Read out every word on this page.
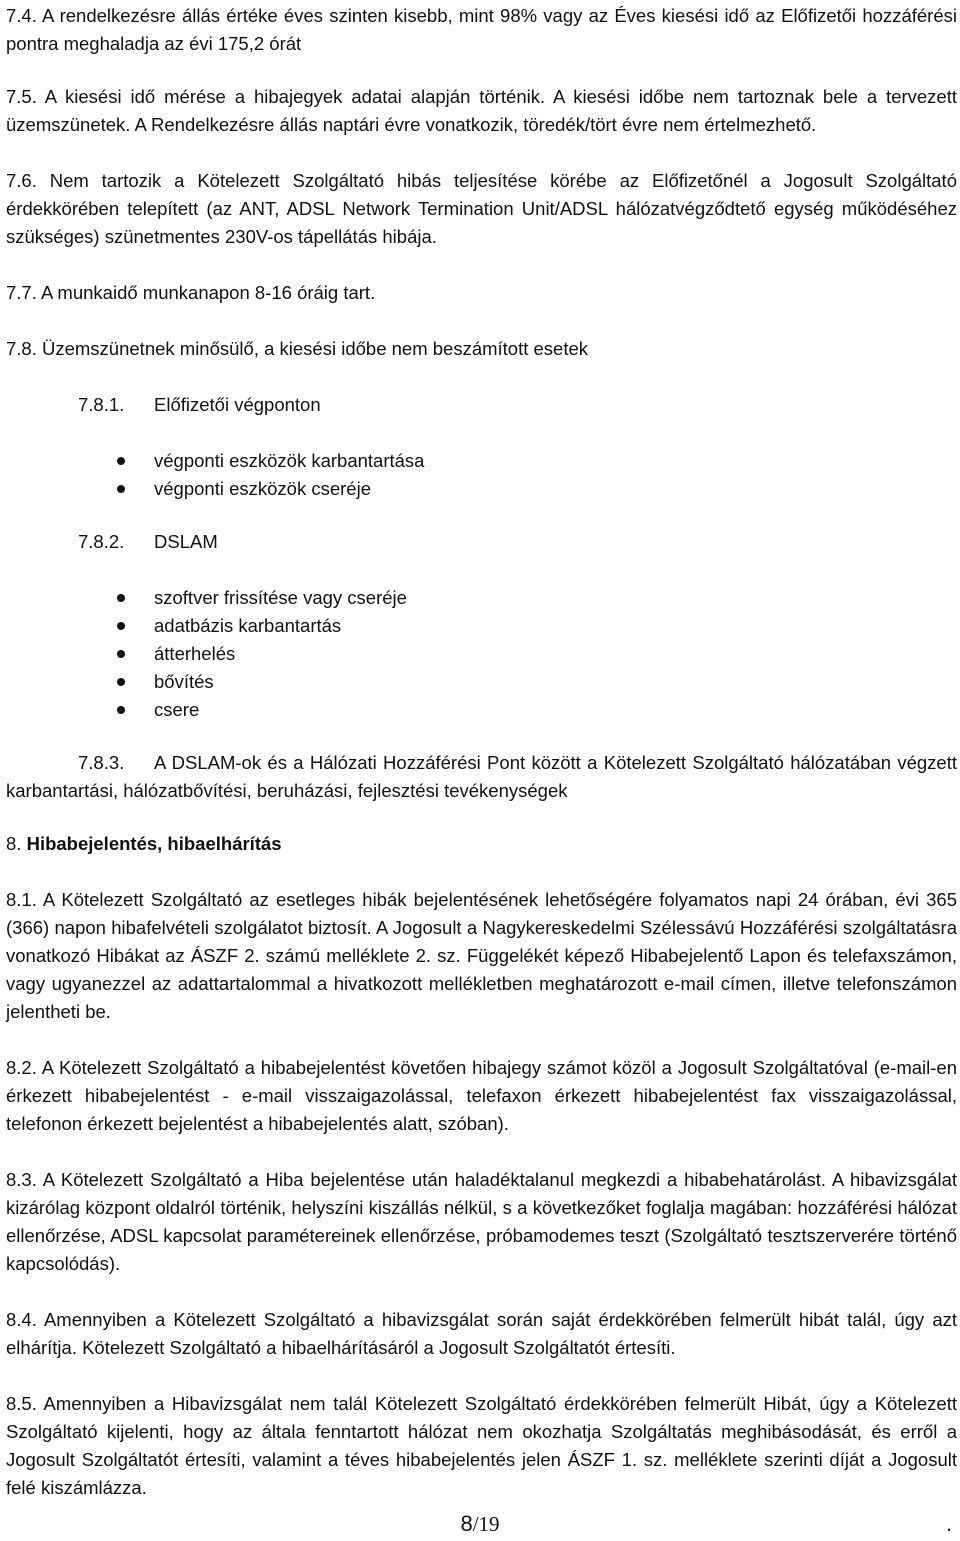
7.4. A rendelkezésre állás értéke éves szinten kisebb, mint 98% vagy az Éves kiesési idő az Előfizetői hozzáférési pontra meghaladja az évi 175,2 órát

7.5. A kiesési idő mérése a hibajegyek adatai alapján történik. A kiesési időbe nem tartoznak bele a tervezett üzemszünetek. A Rendelkezésre állás naptári évre vonatkozik, töredék/tört évre nem értelmezhető.

7.6. Nem tartozik a Kötelezett Szolgáltató hibás teljesítése körébe az Előfizetőnél a Jogosult Szolgáltató érdekkörében telepített (az ANT, ADSL Network Termination Unit/ADSL hálózatvégződtető egység működéséhez szükséges) szünetmentes 230V-os tápellátás hibája.

7.7. A munkaidő munkanapon 8-16 óráig tart.

7.8. Üzemszünetnek minősülő, a kiesési időbe nem beszámított esetek

7.8.1.	Előfizetői végponton
végponti eszközök karbantartása
végponti eszközök cseréje
7.8.2.	DSLAM
szoftver frissítése vagy cseréje
adatbázis karbantartás
átterhelés
bővítés
csere

7.8.3. A DSLAM-ok és a Hálózati Hozzáférési Pont között a Kötelezett Szolgáltató hálózatában végzett karbantartási, hálózatbővítési, beruházási, fejlesztési tevékenységek

8. Hibabejelentés, hibaelhárítás

8.1. A Kötelezett Szolgáltató az esetleges hibák bejelentésének lehetőségére folyamatos napi 24 órában, évi 365 (366) napon hibafelvételi szolgálatot biztosít. A Jogosult a Nagykereskedelmi Szélessávú Hozzáférési szolgáltatásra vonatkozó Hibákat az ÁSZF 2. számú melléklete 2. sz. Függelékét képező Hibabejelentő Lapon és telefaxszámon, vagy ugyanezzel az adattartalommal a hivatkozott mellékletben meghatározott e-mail címen, illetve telefonszámon jelentheti be.

8.2. A Kötelezett Szolgáltató a hibabejelentést követően hibajegy számot közöl a Jogosult Szolgáltatóval (e-mail-en érkezett hibabejelentést - e-mail visszaigazolással, telefaxon érkezett hibabejelentést fax visszaigazolással, telefonon érkezett bejelentést a hibabejelentés alatt, szóban).

8.3. A Kötelezett Szolgáltató a Hiba bejelentése után haladéktalanul megkezdi a hibabehatárolást. A hibavizsgálat kizárólag központ oldalról történik, helyszíni kiszállás nélkül, s a következőket foglalja magában: hozzáférési hálózat ellenőrzése, ADSL kapcsolat paramétereinek ellenőrzése, próbamodemes teszt (Szolgáltató tesztszerverére történő kapcsolódás).

8.4. Amennyiben a Kötelezett Szolgáltató a hibavizsgálat során saját érdekkörében felmerült hibát talál, úgy azt elhárítja. Kötelezett Szolgáltató a hibaelhárításáról a Jogosult Szolgáltatót értesíti.

8.5. Amennyiben a Hibavizsgálat nem talál Kötelezett Szolgáltató érdekkörében felmerült Hibát, úgy a Kötelezett Szolgáltató kijelenti, hogy az általa fenntartott hálózat nem okozhatja Szolgáltatás meghibásodását, és erről a Jogosult Szolgáltatót értesíti, valamint a téves hibabejelentés jelen ÁSZF 1. sz. melléklete szerinti díját a Jogosult felé kiszámlázza.

8/19	.
